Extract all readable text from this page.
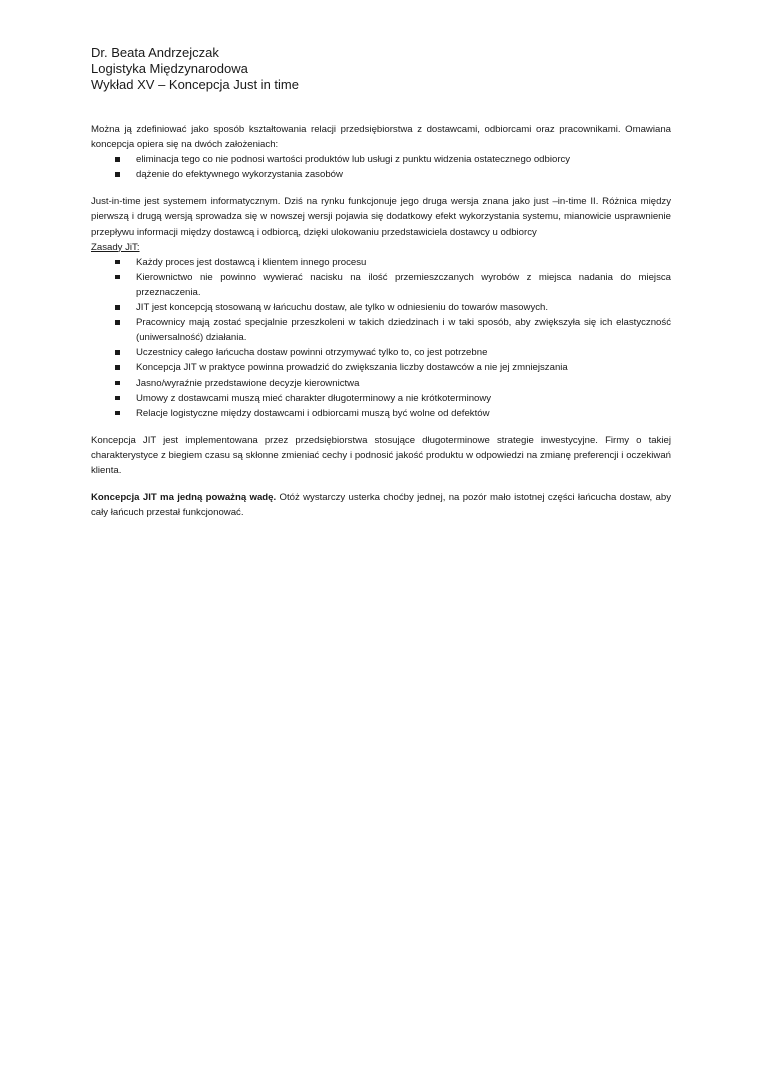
Dr. Beata Andrzejczak
Logistyka Międzynarodowa
Wykład XV – Koncepcja Just in time

Można ją zdefiniować jako sposób kształtowania relacji przedsiębiorstwa z dostawcami, odbiorcami oraz pracownikami. Omawiana koncepcja opiera się na dwóch założeniach:

eliminacja tego co nie podnosi wartości produktów lub usługi z punktu widzenia ostatecznego odbiorcy
dążenie do efektywnego wykorzystania zasobów

Just-in-time jest systemem informatycznym. Dziś na rynku funkcjonuje jego druga wersja znana jako just –in-time II. Różnica między pierwszą i drugą wersją sprowadza się w nowszej wersji pojawia się dodatkowy efekt wykorzystania systemu, mianowicie usprawnienie przepływu informacji między dostawcą i odbiorcą, dzięki ulokowaniu przedstawiciela dostawcy u odbiorcy

Zasady JiT:

Każdy proces jest dostawcą i klientem innego procesu
Kierownictwo nie powinno wywierać nacisku na ilość przemieszczanych wyrobów z miejsca nadania do miejsca przeznaczenia.
JIT jest koncepcją stosowaną w łańcuchu dostaw, ale tylko w odniesieniu do towarów masowych.
Pracownicy mają zostać specjalnie przeszkoleni w takich dziedzinach i w taki sposób, aby zwiększyła się ich elastyczność (uniwersalność) działania.
Uczestnicy całego łańcucha dostaw powinni otrzymywać tylko to, co jest potrzebne
Koncepcja JIT w praktyce powinna prowadzić do zwiększania liczby dostawców a nie jej zmniejszania
Jasno/wyraźnie przedstawione decyzje kierownictwa
Umowy z dostawcami muszą mieć charakter długoterminowy a nie krótkoterminowy
Relacje logistyczne między dostawcami i odbiorcami muszą być wolne od defektów

Koncepcja JIT jest implementowana przez przedsiębiorstwa stosujące długoterminowe strategie inwestycyjne. Firmy o takiej charakterystyce z biegiem czasu są skłonne zmieniać cechy i podnosić jakość produktu w odpowiedzi na zmianę preferencji i oczekiwań klienta.

Koncepcja JIT ma jedną poważną wadę. Otóż wystarczy usterka choćby jednej, na pozór mało istotnej części łańcucha dostaw, aby cały łańcuch przestał funkcjonować.
